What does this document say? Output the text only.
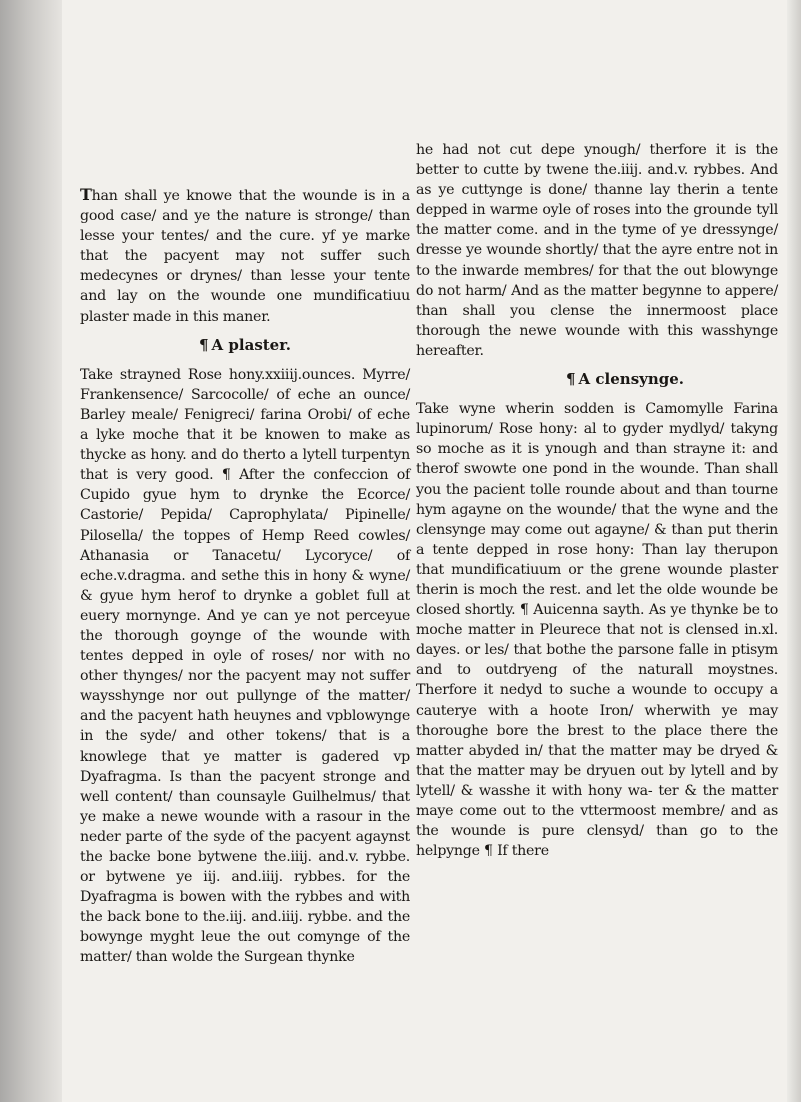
Than shall ye knowe that the wounde is in a good case/ and ye the nature is stronge/ than lesse your tentes/ and the cure. yf ye marke that the pacyent may not suffer such medecynes or drynes/ than lesse your tente and lay on the wounde one mundificatiuu plaster made in this maner.

¶ A plaster.

Take strayned Rose hony.xxiiij.ounces. Myrre/ Frankensence/ Sarcocolle/ of eche an ounce/ Barley meale/ Fenigreci/ farina Orobi/ of eche a lyke moche that it be knowen to make as thycke as hony. and do therto a lytell turpentyn that is very good. ¶ After the confeccion of Cupido gyue hym to drynke the Ecorce/ Castorie/ Pepida/ Caprophylata/ Pipinelle/ Pilosella/ the toppes of Hemp Reed cowles/ Athanasia or Tanacetu/ Lycoryce/ of eche.v.dragma. and sethe this in hony & wyne/ & gyue hym herof to drynke a goblet full at euery mornynge. And ye can ye not perceyue the thorough goynge of the wounde with tentes depped in oyle of roses/ nor with no other thynges/ nor the pacyent may not suffer waysshynge nor out pullynge of the matter/ and the pacyent hath heuynes and vpblowynge in the syde/ and other tokens/ that is a knowlege that ye matter is gadered vp Dyafragma. Is than the pacyent stronge and well content/ than counsayle Guilhelmus/ that ye make a newe wounde with a rasour in the neder parte of the syde of the pacyent agaynst the backe bone bytwene the.iiij. and.v. rybbe. or bytwene ye iij. and.iiij. rybbes. for the Dyafragma is bowen with the rybbes and with the back bone to the.iij. and.iiij. rybbe. and the bowynge myght leue the out comynge of the matter/ than wolde the Surgean thynke

he had not cut depe ynough/ therfore it is the better to cutte by twene the.iiij. and.v. rybbes. And as ye cuttynge is done/ thanne lay therin a tente depped in warme oyle of roses into the grounde tyll the matter come. and in the tyme of ye dressynge/ dresse ye wounde shortly/ that the ayre entre not in to the inwarde membres/ for that the out blowynge do not harm/ And as the matter begynne to appere/ than shall you clense the innermoost place thorough the newe wounde with this wasshynge hereafter.

¶ A clensynge.

Take wyne wherin sodden is Camomylle Farina lupinorum/ Rose hony: al to gyder mydlyd/ takyng so moche as it is ynough and than strayne it: and therof swowte one pond in the wounde. Than shall you the pacient tolle rounde about and than tourne hym agayne on the wounde/ that the wyne and the clensynge may come out agayne/ & than put therin a tente depped in rose hony: Than lay therupon that mundificatiuum or the grene wounde plaster therin is moch the rest. and let the olde wounde be closed shortly. ¶ Auicenna sayth. As ye thynke be to moche matter in Pleurece that not is clensed in.xl. dayes. or les/ that bothe the parsone falle in ptisym and to outdryeng of the naturall moystnes. Therfore it nedyd to suche a wounde to occupy a cauterye with a hoote Iron/ wherwith ye may thoroughe bore the brest to the place there the matter abyded in/ that the matter may be dryed & that the matter may be dryuen out by lytell and by lytell/ & wasshe it with hony wa- ter & the matter maye come out to the vttermoost membre/ and as the wounde is pure clensyd/ than go to the helpynge ¶ If there
